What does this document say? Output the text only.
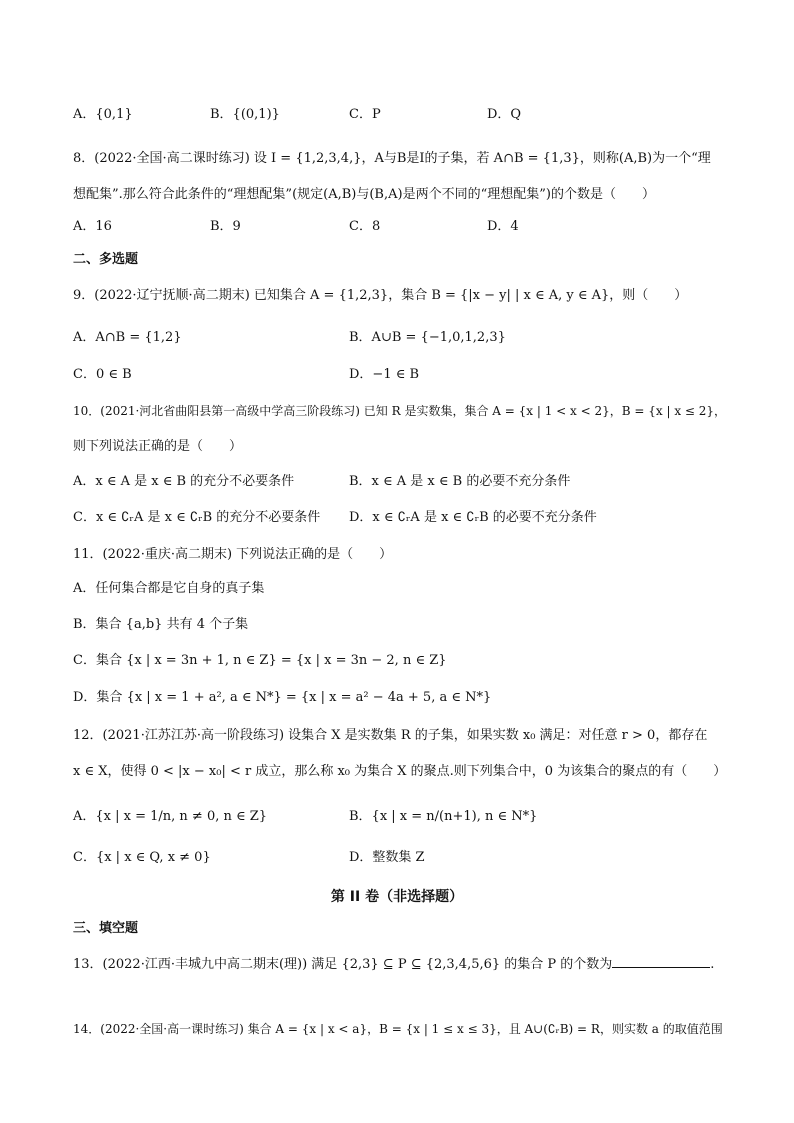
A．{0,1}	B．{(0,1)}	C．P	D．Q
8．(2022·全国·高二课时练习) 设 I = {1,2,3,4,}，A与B是I的子集，若 A∩B = {1,3}，则称(A,B)为一个“理
想配集”.那么符合此条件的“理想配集”(规定(A,B)与(B,A)是两个不同的“理想配集”)的个数是（　　）
A．16	B．9	C．8	D．4
二、多选题
9．(2022·辽宁抚顺·高二期末) 已知集合 A = {1,2,3}，集合 B = {|x − y| | x ∈ A, y ∈ A}，则（　　）
A．A∩B = {1,2}	B．A∪B = {−1,0,1,2,3}
C．0 ∈ B	D．−1 ∈ B
10．(2021·河北省曲阳县第一高级中学高三阶段练习) 已知 R 是实数集，集合 A = {x | 1 < x < 2}，B = {x | x ≤ 2}，
则下列说法正确的是（　　）
A．x ∈ A 是 x ∈ B 的充分不必要条件	B．x ∈ A 是 x ∈ B 的必要不充分条件
C．x ∈ ∁ᵣA 是 x ∈ ∁ᵣB 的充分不必要条件 D．x ∈ ∁ᵣA 是 x ∈ ∁ᵣB 的必要不充分条件
11．(2022·重庆·高二期末) 下列说法正确的是（　　）
A．任何集合都是它自身的真子集
B．集合 {a,b} 共有 4 个子集
C．集合 {x | x = 3n + 1, n ∈ Z} = {x | x = 3n − 2, n ∈ Z}
D．集合 {x | x = 1 + a², a ∈ N*} = {x | x = a² − 4a + 5, a ∈ N*}
12．(2021·江苏江苏·高一阶段练习) 设集合 X 是实数集 R 的子集，如果实数 x₀ 满足：对任意 r > 0，都存在
x ∈ X，使得 0 < |x − x₀| < r 成立，那么称 x₀ 为集合 X 的聚点.则下列集合中，0 为该集合的聚点的有（　　）
A．{x | x = 1/n, n ≠ 0, n ∈ Z}	B．{x | x = n/(n+1), n ∈ N*}
C．{x | x ∈ Q, x ≠ 0}	D．整数集 Z
第 II 卷（非选择题）
三、填空题
13．(2022·江西·丰城九中高二期末(理)) 满足 {2,3} ⊆ P ⊆ {2,3,4,5,6} 的集合 P 的个数为	.
14．(2022·全国·高一课时练习) 集合 A = {x | x < a}，B = {x | 1 ≤ x ≤ 3}，且 A∪(∁ᵣB) = R，则实数 a 的取值范围
